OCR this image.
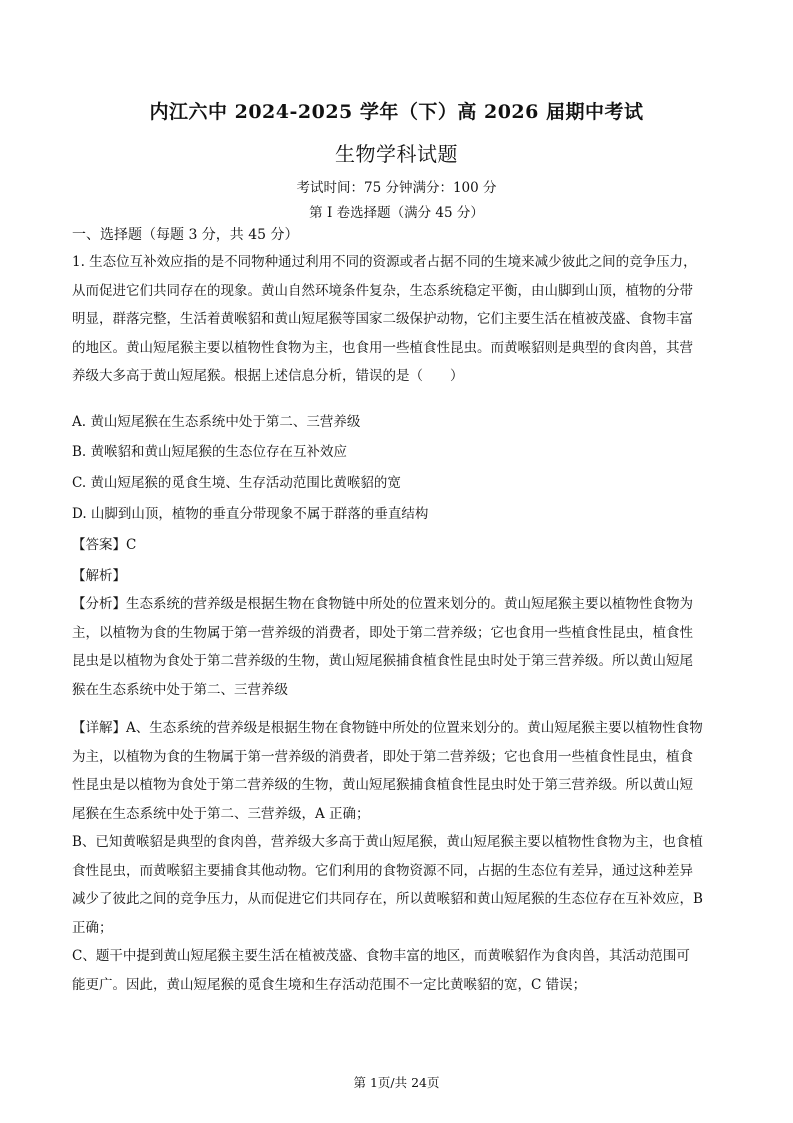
内江六中 2024-2025 学年（下）高 2026 届期中考试
生物学科试题
考试时间：75 分钟满分：100 分
第 I 卷选择题（满分 45 分）
一、选择题（每题 3 分，共 45 分）
1. 生态位互补效应指的是不同物种通过利用不同的资源或者占据不同的生境来减少彼此之间的竞争压力，
从而促进它们共同存在的现象。黄山自然环境条件复杂，生态系统稳定平衡，由山脚到山顶，植物的分带
明显，群落完整，生活着黄喉貂和黄山短尾猴等国家二级保护动物，它们主要生活在植被茂盛、食物丰富
的地区。黄山短尾猴主要以植物性食物为主，也食用一些植食性昆虫。而黄喉貂则是典型的食肉兽，其营
养级大多高于黄山短尾猴。根据上述信息分析，错误的是（　　）
A. 黄山短尾猴在生态系统中处于第二、三营养级
B. 黄喉貂和黄山短尾猴的生态位存在互补效应
C. 黄山短尾猴的觅食生境、生存活动范围比黄喉貂的宽
D. 山脚到山顶，植物的垂直分带现象不属于群落的垂直结构
【答案】C
【解析】
【分析】生态系统的营养级是根据生物在食物链中所处的位置来划分的。黄山短尾猴主要以植物性食物为
主，以植物为食的生物属于第一营养级的消费者，即处于第二营养级；它也食用一些植食性昆虫，植食性
昆虫是以植物为食处于第二营养级的生物，黄山短尾猴捕食植食性昆虫时处于第三营养级。所以黄山短尾
猴在生态系统中处于第二、三营养级
【详解】A、生态系统的营养级是根据生物在食物链中所处的位置来划分的。黄山短尾猴主要以植物性食物
为主，以植物为食的生物属于第一营养级的消费者，即处于第二营养级；它也食用一些植食性昆虫，植食
性昆虫是以植物为食处于第二营养级的生物，黄山短尾猴捕食植食性昆虫时处于第三营养级。所以黄山短
尾猴在生态系统中处于第二、三营养级，A 正确；
B、已知黄喉貂是典型的食肉兽，营养级大多高于黄山短尾猴，黄山短尾猴主要以植物性食物为主，也食植
食性昆虫，而黄喉貂主要捕食其他动物。它们利用的食物资源不同，占据的生态位有差异，通过这种差异
减少了彼此之间的竞争压力，从而促进它们共同存在，所以黄喉貂和黄山短尾猴的生态位存在互补效应，B
正确；
C、题干中提到黄山短尾猴主要生活在植被茂盛、食物丰富的地区，而黄喉貂作为食肉兽，其活动范围可
能更广。因此，黄山短尾猴的觅食生境和生存活动范围不一定比黄喉貂的宽，C 错误；
第 1页/共 24页
